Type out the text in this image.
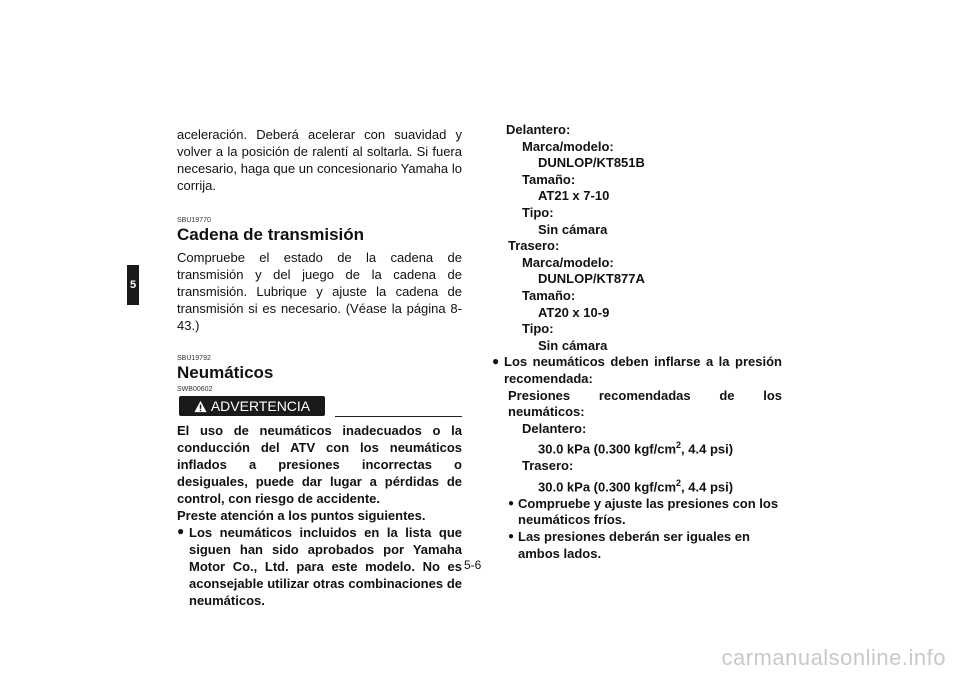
5

aceleración. Deberá acelerar con suavidad y volver a la posición de ralentí al soltarla. Si fuera necesario, haga que un concesionario Yamaha lo corrija.

SBU19770
Cadena de transmisión

Compruebe el estado de la cadena de transmisión y del juego de la cadena de transmisión. Lubrique y ajuste la cadena de transmisión si es necesario. (Véase la página 8-43.)

SBU19792
Neumáticos
SWB00602
ADVERTENCIA

El uso de neumáticos inadecuados o la conducción del ATV con los neumáticos inflados a presiones incorrectas o desiguales, puede dar lugar a pérdidas de control, con riesgo de accidente.

Preste atención a los puntos siguientes.

● Los neumáticos incluidos en la lista que siguen han sido aprobados por Yamaha Motor Co., Ltd. para este modelo. No es aconsejable utilizar otras combinaciones de neumáticos.

Delantero:
Marca/modelo:
DUNLOP/KT851B
Tamaño:
AT21 x 7-10
Tipo:
Sin cámara
Trasero:
Marca/modelo:
DUNLOP/KT877A
Tamaño:
AT20 x 10-9
Tipo:
Sin cámara
● Los neumáticos deben inflarse a la presión recomendada:

Presiones recomendadas de los neumáticos:

Delantero:
30.0 kPa (0.300 kgf/$cm^2$, 4.4 psi)
Trasero:
30.0 kPa (0.300 kgf/$cm^2$, 4.4 psi)
● Compruebe y ajuste las presiones con los neumáticos fríos.

● Las presiones deberán ser iguales en ambos lados.

5-6
carmanualsonline.info
